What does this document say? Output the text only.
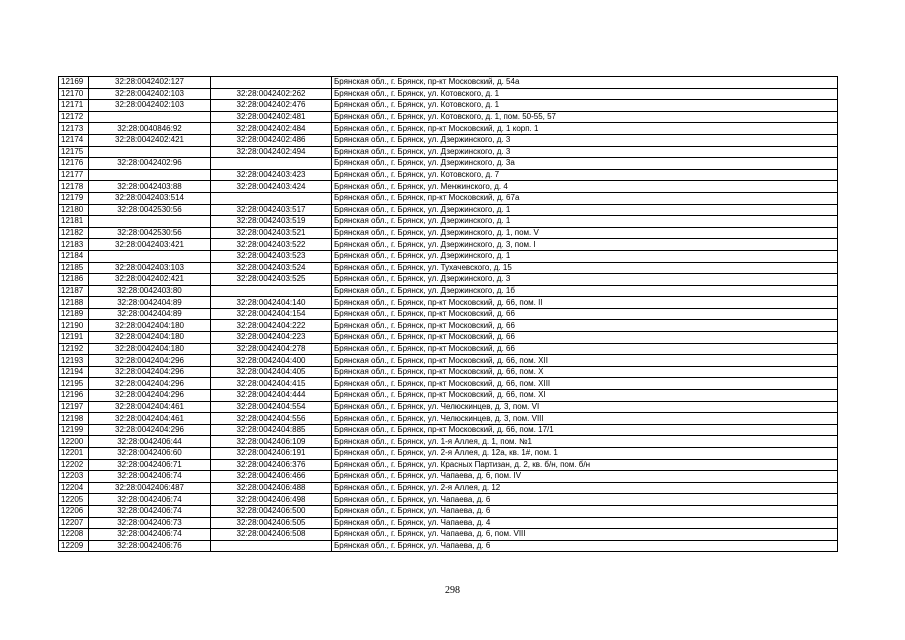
12169	32:28:0042402:127		Брянская обл., г. Брянск, пр-кт Московский, д. 54а
12170	32:28:0042402:103	32:28:0042402:262	Брянская обл., г. Брянск, ул. Котовского, д. 1
12171	32:28:0042402:103	32:28:0042402:476	Брянская обл., г. Брянск, ул. Котовского, д. 1
12172		32:28:0042402:481	Брянская обл., г. Брянск, ул. Котовского, д. 1, пом. 50-55, 57
12173	32:28:0040846:92	32:28:0042402:484	Брянская обл., г. Брянск, пр-кт Московский, д. 1 корп. 1
12174	32:28:0042402:421	32:28:0042402:486	Брянская обл., г. Брянск, ул. Дзержинского, д. 3
12175		32:28:0042402:494	Брянская обл., г. Брянск, ул. Дзержинского, д. 3
12176	32:28:0042402:96		Брянская обл., г. Брянск, ул. Дзержинского, д. 3а
12177		32:28:0042403:423	Брянская обл., г. Брянск, ул. Котовского, д. 7
12178	32:28:0042403:88	32:28:0042403:424	Брянская обл., г. Брянск, ул. Менжинского, д. 4
12179	32:28:0042403:514		Брянская обл., г. Брянск, пр-кт Московский, д. 67а
12180	32:28:0042530:56	32:28:0042403:517	Брянская обл., г. Брянск, ул. Дзержинского, д. 1
12181		32:28:0042403:519	Брянская обл., г. Брянск, ул. Дзержинского, д. 1
12182	32:28:0042530:56	32:28:0042403:521	Брянская обл., г. Брянск, ул. Дзержинского, д. 1, пом. V
12183	32:28:0042403:421	32:28:0042403:522	Брянская обл., г. Брянск, ул. Дзержинского, д. 3, пом. I
12184		32:28:0042403:523	Брянская обл., г. Брянск, ул. Дзержинского, д. 1
12185	32:28:0042403:103	32:28:0042403:524	Брянская обл., г. Брянск, ул. Тухачевского, д. 15
12186	32:28:0042402:421	32:28:0042403:525	Брянская обл., г. Брянск, ул. Дзержинского, д. 3
12187	32:28:0042403:80		Брянская обл., г. Брянск, ул. Дзержинского, д. 1б
12188	32:28:0042404:89	32:28:0042404:140	Брянская обл., г. Брянск, пр-кт Московский, д. 66, пом. II
12189	32:28:0042404:89	32:28:0042404:154	Брянская обл., г. Брянск, пр-кт Московский, д. 66
12190	32:28:0042404:180	32:28:0042404:222	Брянская обл., г. Брянск, пр-кт Московский, д. 66
12191	32:28:0042404:180	32:28:0042404:223	Брянская обл., г. Брянск, пр-кт Московский, д. 66
12192	32:28:0042404:180	32:28:0042404:278	Брянская обл., г. Брянск, пр-кт Московский, д. 66
12193	32:28:0042404:296	32:28:0042404:400	Брянская обл., г. Брянск, пр-кт Московский, д. 66, пом. XII
12194	32:28:0042404:296	32:28:0042404:405	Брянская обл., г. Брянск, пр-кт Московский, д. 66, пом. X
12195	32:28:0042404:296	32:28:0042404:415	Брянская обл., г. Брянск, пр-кт Московский, д. 66, пом. XIII
12196	32:28:0042404:296	32:28:0042404:444	Брянская обл., г. Брянск, пр-кт Московский, д. 66, пом. XI
12197	32:28:0042404:461	32:28:0042404:554	Брянская обл., г. Брянск, ул. Челюскинцев, д. 3, пом. VI
12198	32:28:0042404:461	32:28:0042404:556	Брянская обл., г. Брянск, ул. Челюскинцев, д. 3, пом. VIII
12199	32:28:0042404:296	32:28:0042404:885	Брянская обл., г. Брянск, пр-кт Московский, д. 66, пом. 17/1
12200	32:28:0042406:44	32:28:0042406:109	Брянская обл., г. Брянск, ул. 1-я Аллея, д. 1, пом. №1
12201	32:28:0042406:60	32:28:0042406:191	Брянская обл., г. Брянск, ул. 2-я Аллея, д. 12а, кв. 1#, пом. 1
12202	32:28:0042406:71	32:28:0042406:376	Брянская обл., г. Брянск, ул. Красных Партизан, д. 2, кв. б/н, пом. б/н
12203	32:28:0042406:74	32:28:0042406:466	Брянская обл., г. Брянск, ул. Чапаева, д. 6, пом. IV
12204	32:28:0042406:487	32:28:0042406:488	Брянская обл., г. Брянск, ул. 2-я Аллея, д. 12
12205	32:28:0042406:74	32:28:0042406:498	Брянская обл., г. Брянск, ул. Чапаева, д. 6
12206	32:28:0042406:74	32:28:0042406:500	Брянская обл., г. Брянск, ул. Чапаева, д. 6
12207	32:28:0042406:73	32:28:0042406:505	Брянская обл., г. Брянск, ул. Чапаева, д. 4
12208	32:28:0042406:74	32:28:0042406:508	Брянская обл., г. Брянск, ул. Чапаева, д. 6, пом. VIII
12209	32:28:0042406:76		Брянская обл., г. Брянск, ул. Чапаева, д. 6
298
